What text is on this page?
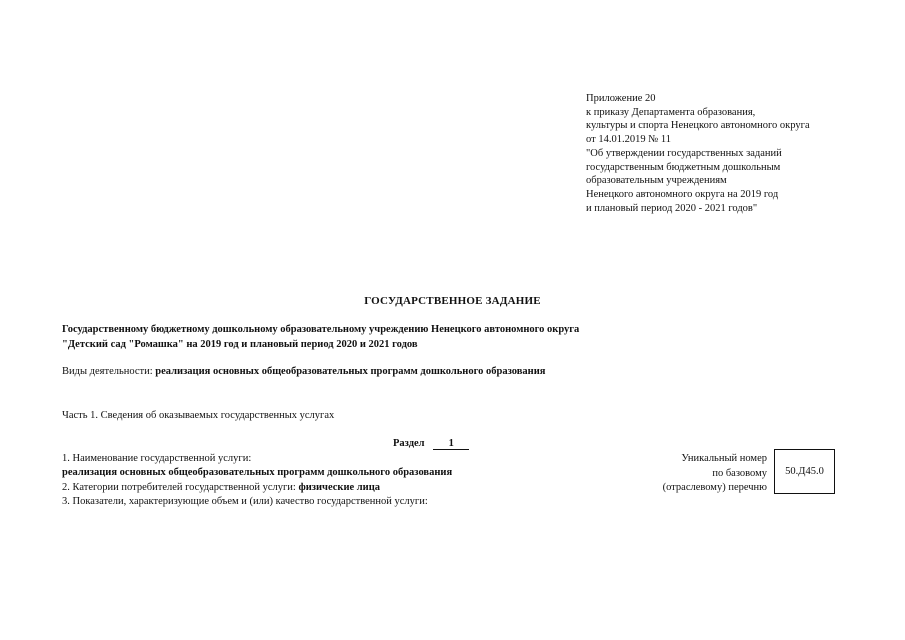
Приложение 20
к приказу Департамента образования,
культуры и спорта Ненецкого автономного округа
от 14.01.2019 № 11
"Об утверждении государственных заданий
государственным бюджетным дошкольным
образовательным учреждениям
Ненецкого автономного округа на 2019 год
и плановый период 2020 - 2021 годов"
ГОСУДАРСТВЕННОЕ ЗАДАНИЕ
Государственному бюджетному дошкольному образовательному учреждению Ненецкого автономного округа
"Детский сад "Ромашка" на 2019 год и плановый период 2020 и 2021 годов
Виды деятельности: реализация основных общеобразовательных программ дошкольного образования
Часть 1. Сведения об оказываемых государственных услугах
Раздел 1
1. Наименование государственной услуги:
реализация основных общеобразовательных программ дошкольного образования
2. Категории потребителей государственной услуги: физические лица
3. Показатели, характеризующие объем и (или) качество государственной услуги:
Уникальный номер
по базовому
(отраслевому) перечню
50.Д45.0
